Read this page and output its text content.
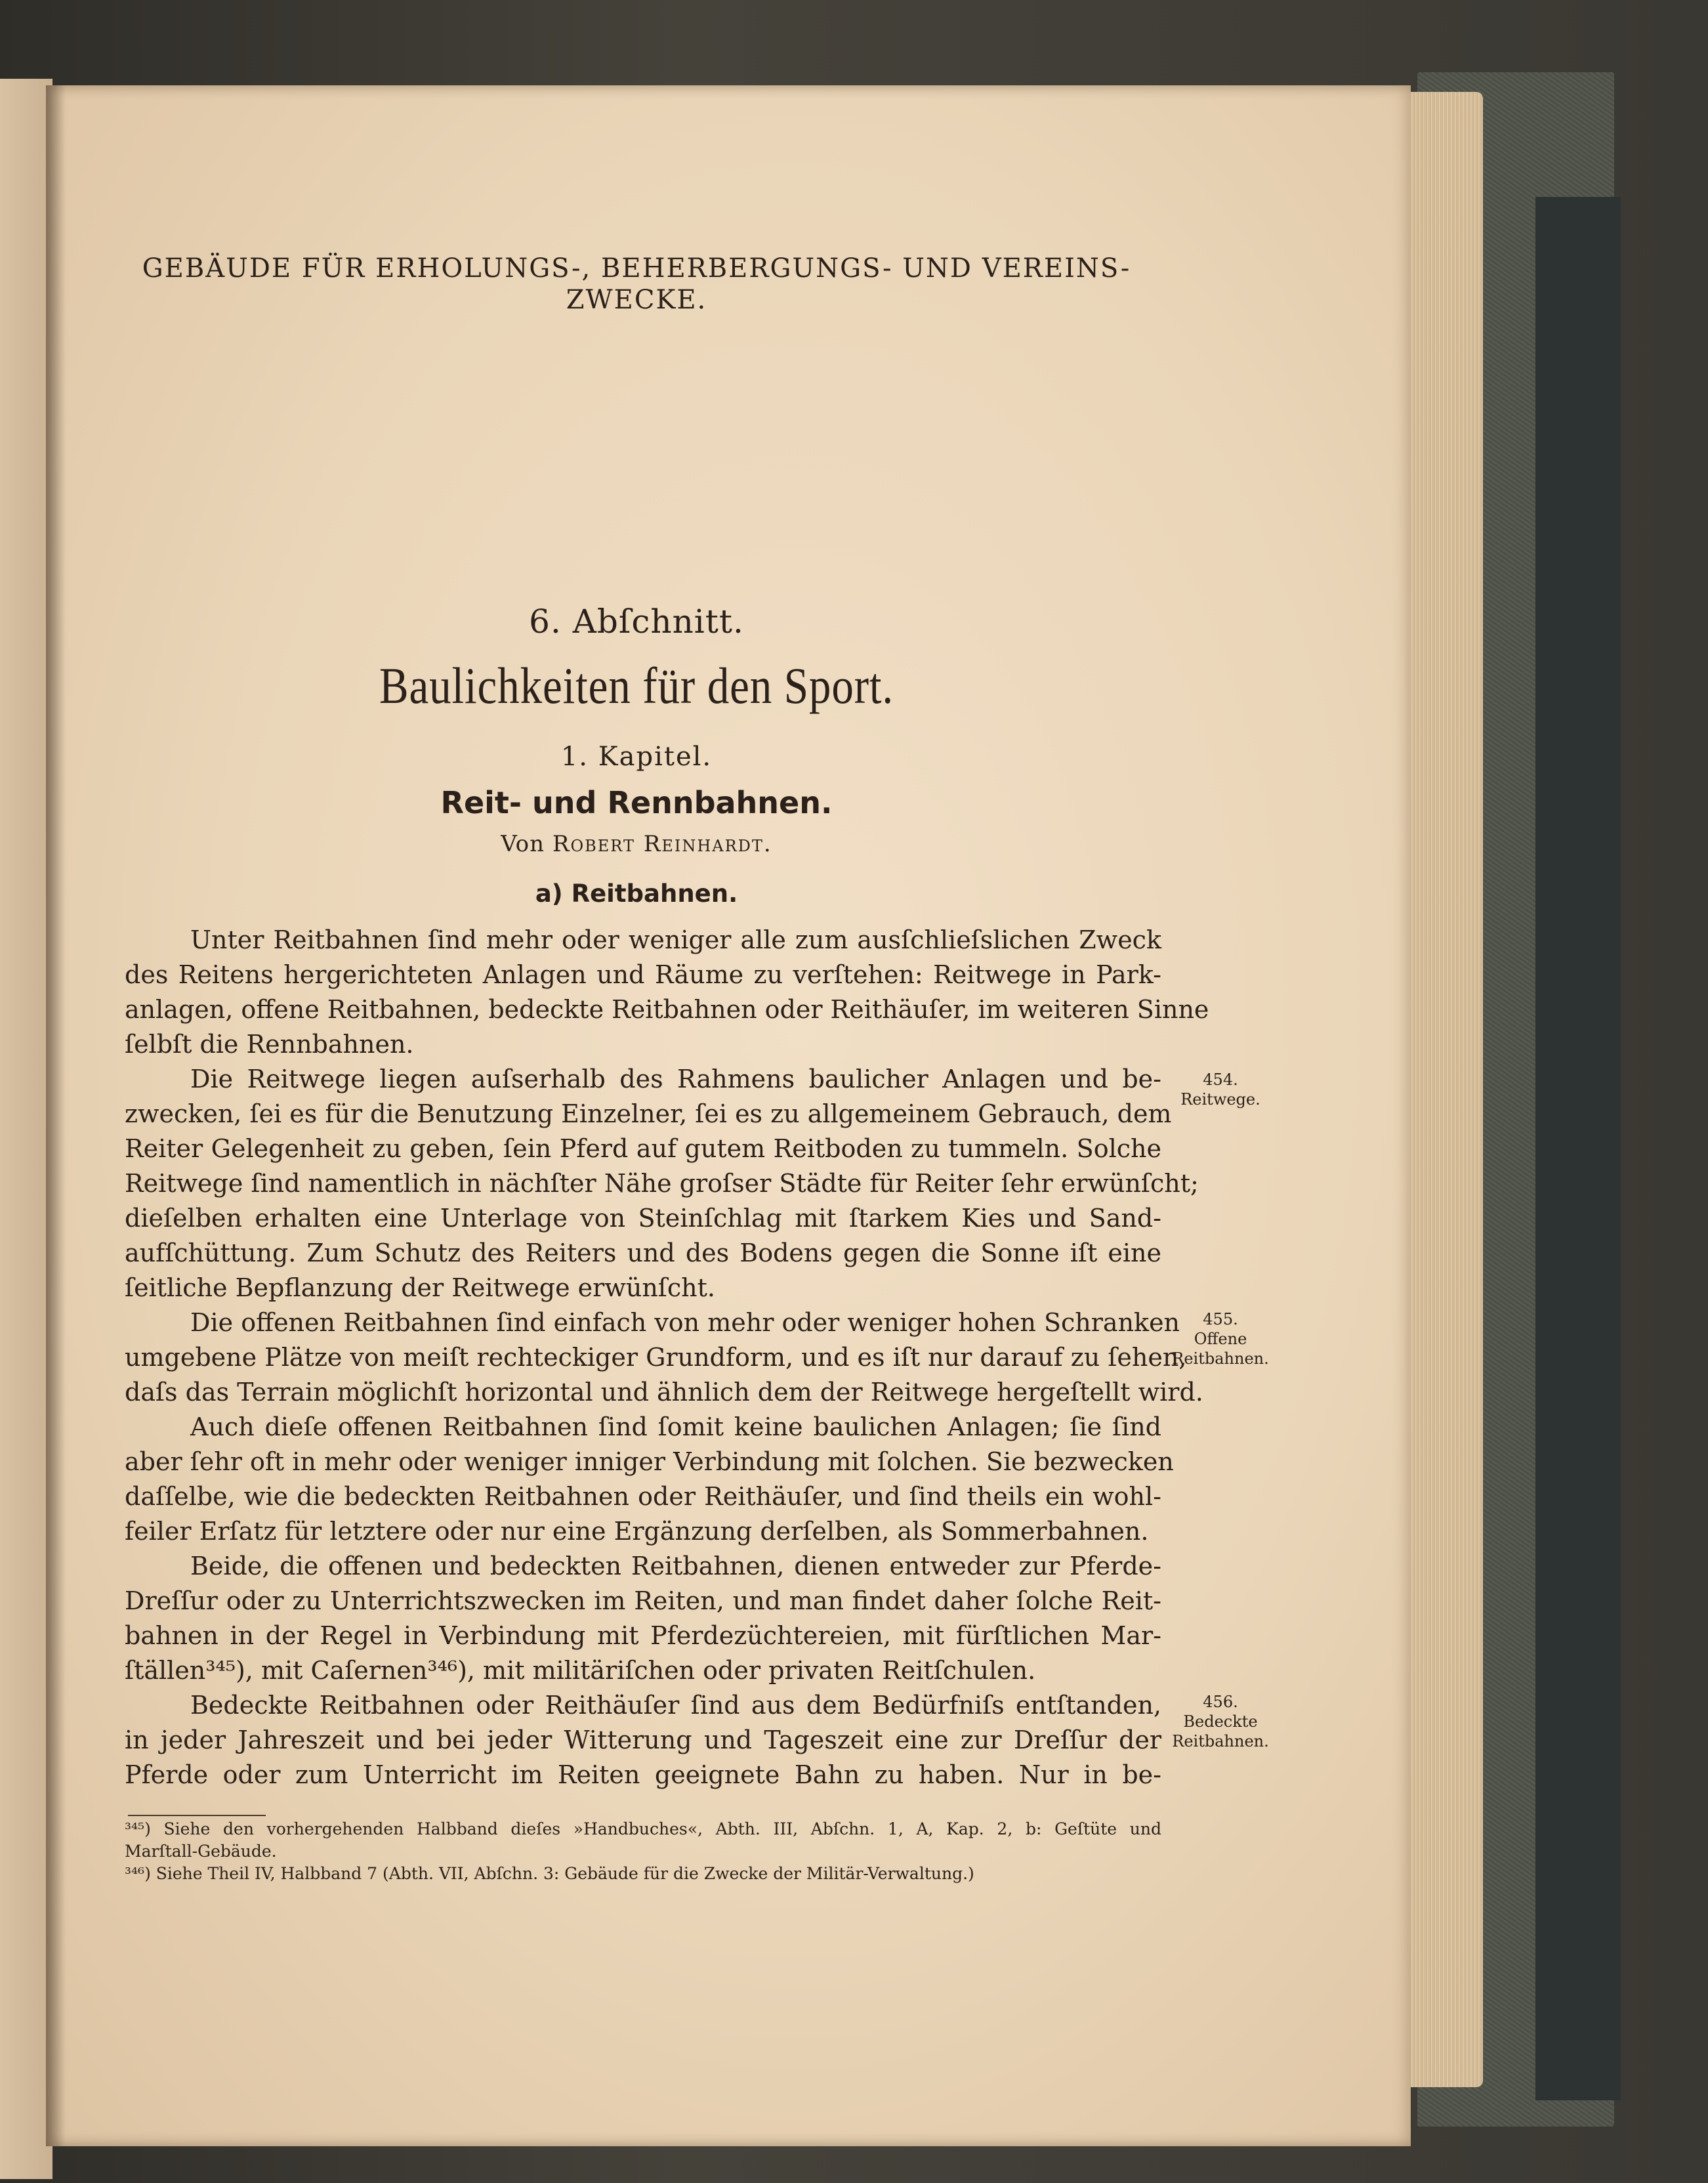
GEBÄUDE FÜR ERHOLUNGS-, BEHERBERGUNGS- UND VEREINS-
ZWECKE.
6. Abſchnitt.
Baulichkeiten für den Sport.
1. Kapitel.
Reit- und Rennbahnen.
Von Robert Reinhardt.
a) Reitbahnen.
Unter Reitbahnen ſind mehr oder weniger alle zum ausſchlieſslichen Zweck
des Reitens hergerichteten Anlagen und Räume zu verſtehen: Reitwege in Park-
anlagen, offene Reitbahnen, bedeckte Reitbahnen oder Reithäuſer, im weiteren Sinne
ſelbſt die Rennbahnen.
Die Reitwege liegen auſserhalb des Rahmens baulicher Anlagen und be-
zwecken, ſei es für die Benutzung Einzelner, ſei es zu allgemeinem Gebrauch, dem
Reiter Gelegenheit zu geben, ſein Pferd auf gutem Reitboden zu tummeln. Solche
Reitwege ſind namentlich in nächſter Nähe groſser Städte für Reiter ſehr erwünſcht;
dieſelben erhalten eine Unterlage von Steinſchlag mit ſtarkem Kies und Sand-
aufſchüttung. Zum Schutz des Reiters und des Bodens gegen die Sonne iſt eine
ſeitliche Bepflanzung der Reitwege erwünſcht.
Die offenen Reitbahnen ſind einfach von mehr oder weniger hohen Schranken
umgebene Plätze von meiſt rechteckiger Grundform, und es iſt nur darauf zu ſehen,
daſs das Terrain möglichſt horizontal und ähnlich dem der Reitwege hergeſtellt wird.
Auch dieſe offenen Reitbahnen ſind ſomit keine baulichen Anlagen; ſie ſind
aber ſehr oft in mehr oder weniger inniger Verbindung mit ſolchen. Sie bezwecken
daſſelbe, wie die bedeckten Reitbahnen oder Reithäuſer, und ſind theils ein wohl-
feiler Erſatz für letztere oder nur eine Ergänzung derſelben, als Sommerbahnen.
Beide, die offenen und bedeckten Reitbahnen, dienen entweder zur Pferde-
Dreſſur oder zu Unterrichtszwecken im Reiten, und man findet daher ſolche Reit-
bahnen in der Regel in Verbindung mit Pferdezüchtereien, mit fürſtlichen Mar-
ſtällen³⁴⁵), mit Caſernen³⁴⁶), mit militäriſchen oder privaten Reitſchulen.
Bedeckte Reitbahnen oder Reithäuſer ſind aus dem Bedürfniſs entſtanden,
in jeder Jahreszeit und bei jeder Witterung und Tageszeit eine zur Dreſſur der
Pferde oder zum Unterricht im Reiten geeignete Bahn zu haben. Nur in be-
454.
Reitwege.
455.
Offene
Reitbahnen.
456.
Bedeckte
Reitbahnen.
³⁴⁵) Siehe den vorhergehenden Halbband dieſes »Handbuches«, Abth. III, Abſchn. 1, A, Kap. 2, b: Geſtüte und
Marſtall-Gebäude.
³⁴⁶) Siehe Theil IV, Halbband 7 (Abth. VII, Abſchn. 3: Gebäude für die Zwecke der Militär-Verwaltung.)
